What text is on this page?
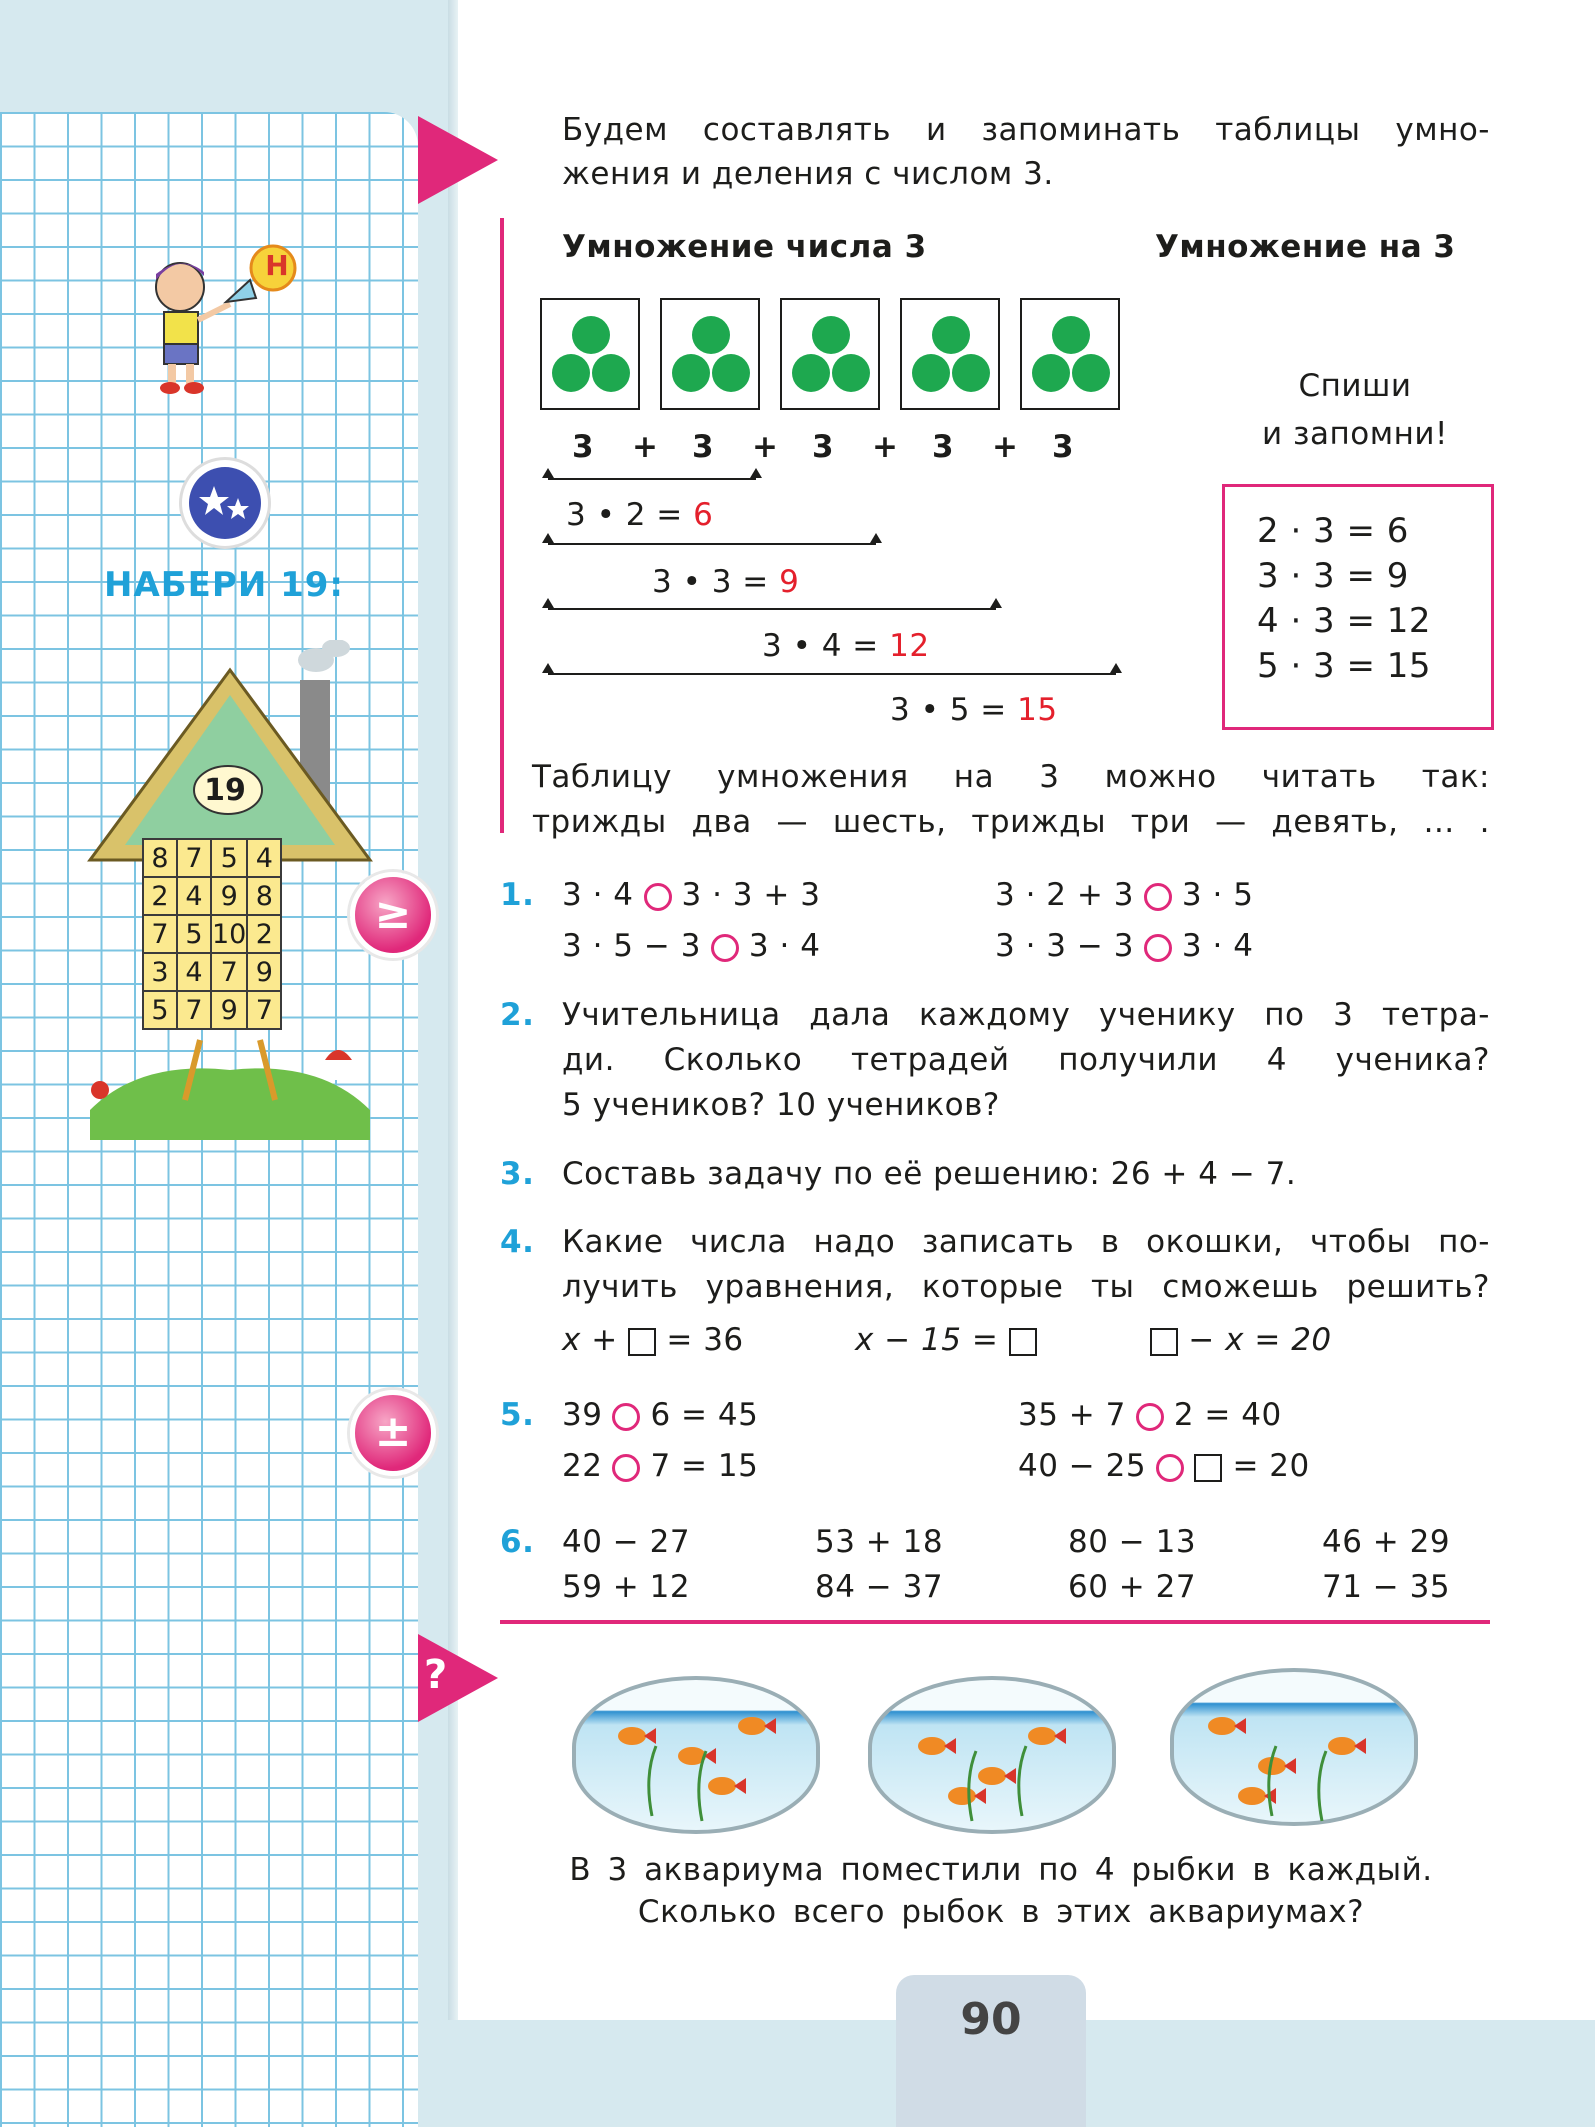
Н
НАБЕРИ 19:
19
8	7	5	4
2	4	9	8
7	5	10	2
3	4	7	9
5	7	9	7
≥
±
?
Будем составлять и запоминать таблицы умно-
жения и деления с числом 3.
Умножение числа 3	Умножение на 3
3 + 3 + 3 + 3 + 3
3 • 2 = 6
3 • 3 = 9
3 • 4 = 12
3 • 5 = 15
Спиши
и запомни!
2 · 3 = 6
3 · 3 = 9
4 · 3 = 12
5 · 3 = 15
Таблицу умножения на 3 можно читать так:
трижды два — шесть, трижды три — девять, … .
1. 3 · 4 3 · 3 + 3	3 · 2 + 3 3 · 5
3 · 5 − 3 3 · 4	3 · 3 − 3 3 · 4
2. Учительница дала каждому ученику по 3 тетра-
ди. Сколько тетрадей получили 4 ученика?
5 учеников? 10 учеников?
3. Составь задачу по её решению: 26 + 4 − 7.
4. Какие числа надо записать в окошки, чтобы по-
лучить уравнения, которые ты сможешь решить?
x +  = 36	x − 15 =	− x = 20
5. 39 6 = 45	35 + 7 2 = 40
22 7 = 15	40 − 25	= 20
6. 40 − 27	53 + 18	80 − 13	46 + 29
59 + 12	84 − 37	60 + 27	71 − 35
В 3 аквариума поместили по 4 рыбки в каждый.
Сколько всего рыбок в этих аквариумах?
90
